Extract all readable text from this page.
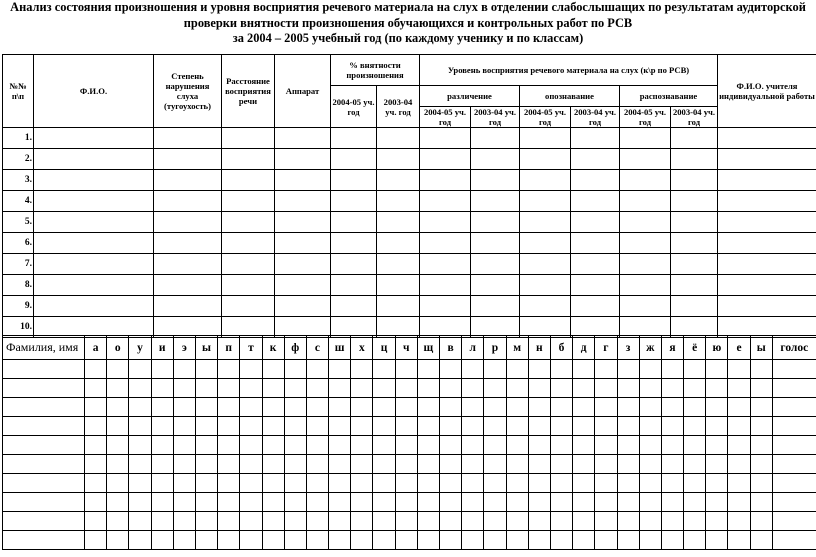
Анализ состояния произношения и уровня восприятия речевого материала на слух в отделении слабослышащих по результатам аудиторской
проверки внятности произношения обучающихся и контрольных работ по РСВ
за 2004 – 2005 учебный год (по каждому ученику и по классам)
№№ п\п	Ф.И.О.	Степень нарушения слуха (тугоухость)	Расстояние восприятия речи	Аппарат	% внятности произношения		Уровень восприятия речевого материала на слух (к\р по РСВ)						Ф.И.О. учителя индивидуальной работы
					2004-05 уч. год	2003-04 уч. год	различение		опознавание		распознавание		
							2004-05 уч. год	2003-04 уч. год	2004-05 уч. год	2003-04 уч. год	2004-05 уч. год	2003-04 уч. год	
1.													
2.													
3.													
4.													
5.													
6.													
7.													
8.													
9.													
10.													
Фамилия, имя	а	о	у	и	э	ы	п	т	к	ф	с	ш	х	ц	ч	щ	в	л	р	м	н	б	д	г	з	ж	я	ё	ю	е	ы	голос
